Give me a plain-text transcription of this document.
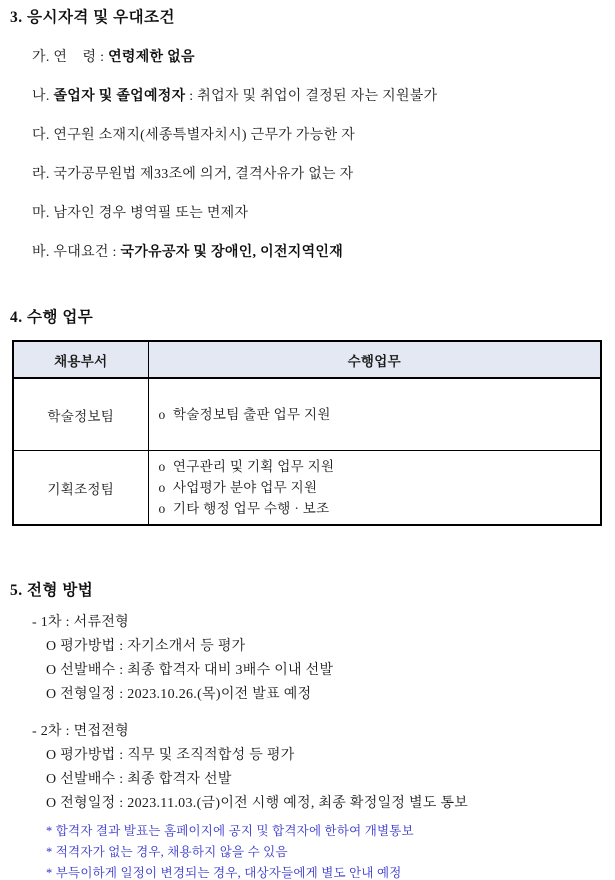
3. 응시자격 및 우대조건

가. 연    령 : 연령제한 없음

나. 졸업자 및 졸업예정자 : 취업자 및 취업이 결정된 자는 지원불가

다. 연구원 소재지(세종특별자치시) 근무가 가능한 자

라. 국가공무원법 제33조에 의거, 결격사유가 없는 자

마. 남자인 경우 병역필 또는 면제자

바. 우대요건 : 국가유공자 및 장애인, 이전지역인재

4. 수행 업무
채용부서	수행업무
학술정보팀	o  학술정보팀 출판 업무 지원

기획조정팀	o  연구관리 및 기획 업무 지원
o  사업평가 분야 업무 지원
o  기타 행정 업무 수행 · 보조
5. 전형 방법

- 1차 : 서류전형

O 평가방법 : 자기소개서 등 평가

O 선발배수 : 최종 합격자 대비 3배수 이내 선발

O 전형일정 : 2023.10.26.(목)이전 발표 예정

- 2차 : 면접전형

O 평가방법 : 직무 및 조직적합성 등 평가

O 선발배수 : 최종 합격자 선발

O 전형일정 : 2023.11.03.(금)이전 시행 예정, 최종 확정일정 별도 통보

* 합격자 결과 발표는 홈페이지에 공지 및 합격자에 한하여 개별통보

* 적격자가 없는 경우, 채용하지 않을 수 있음

* 부득이하게 일정이 변경되는 경우, 대상자들에게 별도 안내 예정
